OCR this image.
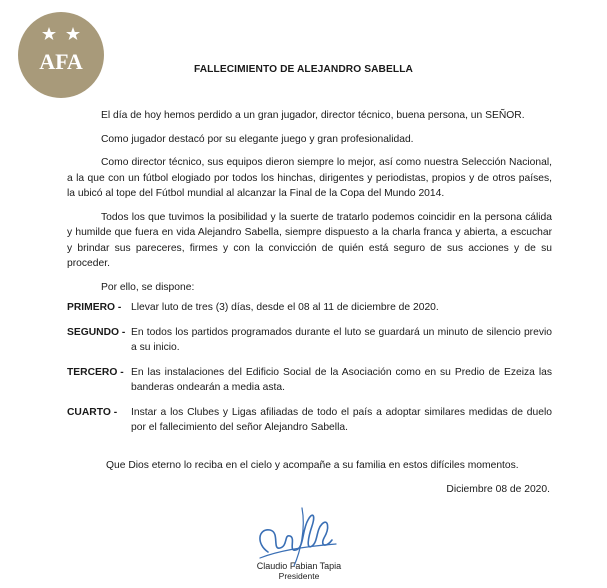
AFA	FALLECIMIENTO DE ALEJANDRO SABELLA

El día de hoy hemos perdido a un gran jugador, director técnico, buena persona, un SEÑOR.

Como jugador destacó por su elegante juego y gran profesionalidad.

Como director técnico, sus equipos dieron siempre lo mejor, así como nuestra Selección Nacional, a la que con un fútbol elogiado por todos los hinchas, dirigentes y periodistas, propios y de otros países, la ubicó al tope del Fútbol mundial al alcanzar la Final de la Copa del Mundo 2014.

Todos los que tuvimos la posibilidad y la suerte de tratarlo podemos coincidir en la persona cálida y humilde que fuera en vida Alejandro Sabella, siempre dispuesto a la charla franca y abierta, a escuchar y brindar sus pareceres, firmes y con la convicción de quién está seguro de sus acciones y de su proceder.

Por ello, se dispone:

PRIMERO - Llevar luto de tres (3) días, desde el 08 al 11 de diciembre de 2020.
SEGUNDO - En todos los partidos programados durante el luto se guardará un minuto de silencio previo a su inicio.
TERCERO - En las instalaciones del Edificio Social de la Asociación como en su Predio de Ezeiza las banderas ondearán a media asta.
CUARTO -	Instar a los Clubes y Ligas afiliadas de todo el país a adoptar similares medidas de duelo por el fallecimiento del señor Alejandro Sabella.
Que Dios eterno lo reciba en el cielo y acompañe a su familia en estos difíciles momentos.
Diciembre 08 de 2020.
Claudio Fabian Tapia
Presidente
